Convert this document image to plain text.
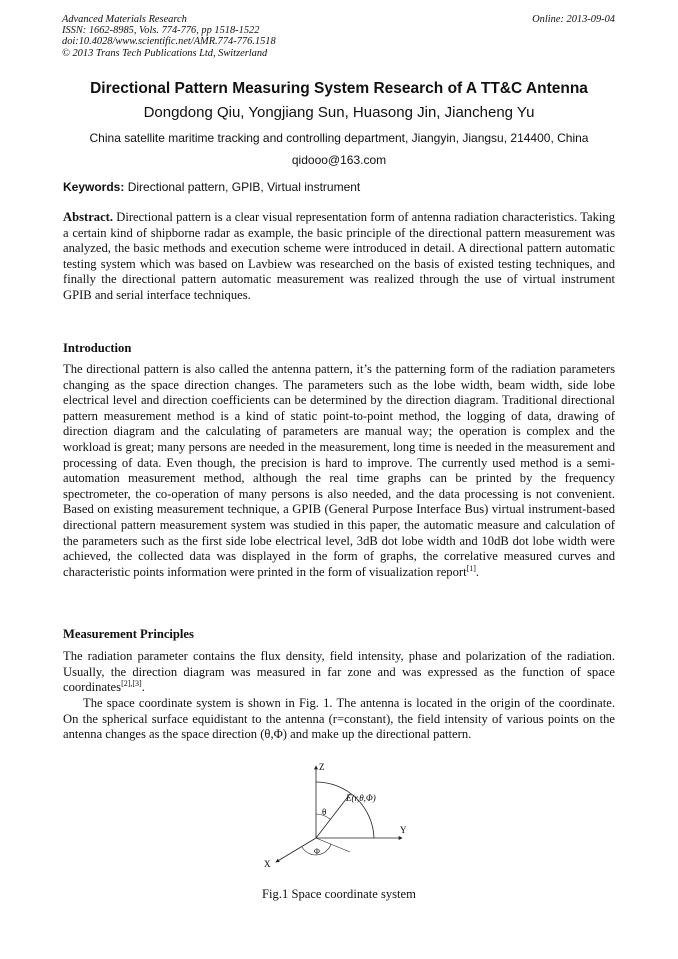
Advanced Materials Research
ISSN: 1662-8985, Vols. 774-776, pp 1518-1522
doi:10.4028/www.scientific.net/AMR.774-776.1518
© 2013 Trans Tech Publications Ltd, Switzerland
Online: 2013-09-04
Directional Pattern Measuring System Research of A TT&C Antenna
Dongdong Qiu, Yongjiang Sun, Huasong Jin, Jiancheng Yu
China satellite maritime tracking and controlling department, Jiangyin, Jiangsu, 214400, China
qidooo@163.com
Keywords: Directional pattern, GPIB, Virtual instrument
Abstract. Directional pattern is a clear visual representation form of antenna radiation characteristics. Taking a certain kind of shipborne radar as example, the basic principle of the directional pattern measurement was analyzed, the basic methods and execution scheme were introduced in detail. A directional pattern automatic testing system which was based on Lavbiew was researched on the basis of existed testing techniques, and finally the directional pattern automatic measurement was realized through the use of virtual instrument GPIB and serial interface techniques.
Introduction
The directional pattern is also called the antenna pattern, it’s the patterning form of the radiation parameters changing as the space direction changes. The parameters such as the lobe width, beam width, side lobe electrical level and direction coefficients can be determined by the direction diagram. Traditional directional pattern measurement method is a kind of static point-to-point method, the logging of data, drawing of direction diagram and the calculating of parameters are manual way; the operation is complex and the workload is great; many persons are needed in the measurement, long time is needed in the measurement and processing of data. Even though, the precision is hard to improve. The currently used method is a semi-automation measurement method, although the real time graphs can be printed by the frequency spectrometer, the co-operation of many persons is also needed, and the data processing is not convenient. Based on existing measurement technique, a GPIB (General Purpose Interface Bus) virtual instrument-based directional pattern measurement system was studied in this paper, the automatic measure and calculation of the parameters such as the first side lobe electrical level, 3dB dot lobe width and 10dB dot lobe width were achieved, the collected data was displayed in the form of graphs, the correlative measured curves and characteristic points information were printed in the form of visualization report[1].
Measurement Principles
The radiation parameter contains the flux density, field intensity, phase and polarization of the radiation. Usually, the direction diagram was measured in far zone and was expressed as the function of space coordinates[2],[3].
The space coordinate system is shown in Fig. 1. The antenna is located in the origin of the coordinate. On the spherical surface equidistant to the antenna (r=constant), the field intensity of various points on the antenna changes as the space direction (θ,Φ) and make up the directional pattern.
Z
Y
X
θ
Φ
E(r,θ,Φ)
Fig.1 Space coordinate system
